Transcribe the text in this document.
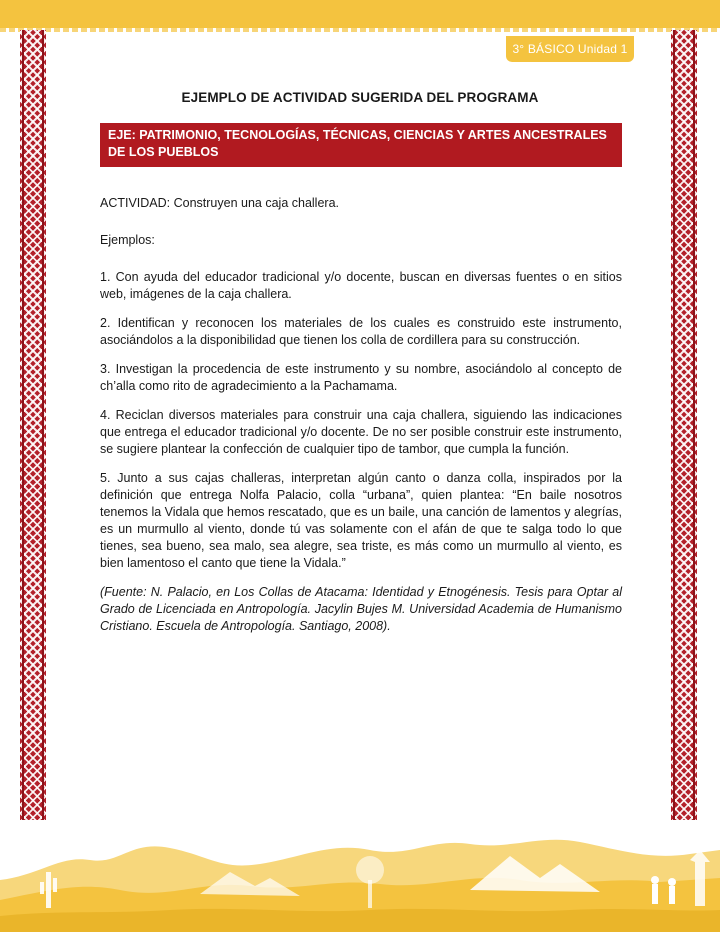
3° BÁSICO Unidad 1
EJEMPLO DE ACTIVIDAD SUGERIDA DEL PROGRAMA
EJE: PATRIMONIO, TECNOLOGÍAS, TÉCNICAS, CIENCIAS Y ARTES ANCESTRALES DE LOS PUEBLOS

ACTIVIDAD: Construyen una caja challera.

Ejemplos:

1. Con ayuda del educador tradicional y/o docente, buscan en diversas fuentes o en sitios web, imágenes de la caja challera.

2. Identifican y reconocen los materiales de los cuales es construido este instrumento, asociándolos a la disponibilidad que tienen los colla de cordillera para su construcción.

3. Investigan la procedencia de este instrumento y su nombre, asociándolo al concepto de ch’alla como rito de agradecimiento a la Pachamama.

4. Reciclan diversos materiales para construir una caja challera, siguiendo las indicaciones que entrega el educador tradicional y/o docente. De no ser posible construir este instrumento, se sugiere plantear la confección de cualquier tipo de tambor, que cumpla la función.

5. Junto a sus cajas challeras, interpretan algún canto o danza colla, inspirados por la definición que entrega Nolfa Palacio, colla “urbana”, quien plantea: “En baile nosotros tenemos la Vidala que hemos rescatado, que es un baile, una canción de lamentos y alegrías, es un murmullo al viento, donde tú vas solamente con el afán de que te salga todo lo que tienes, sea bueno, sea malo, sea alegre, sea triste, es más como un murmullo al viento, es bien lamentoso el canto que tiene la Vidala.”

(Fuente: N. Palacio, en Los Collas de Atacama: Identidad y Etnogénesis. Tesis para Optar al Grado de Licenciada en Antropología. Jacylin Bujes M. Universidad Academia de Humanismo Cristiano. Escuela de Antropología. Santiago, 2008).
